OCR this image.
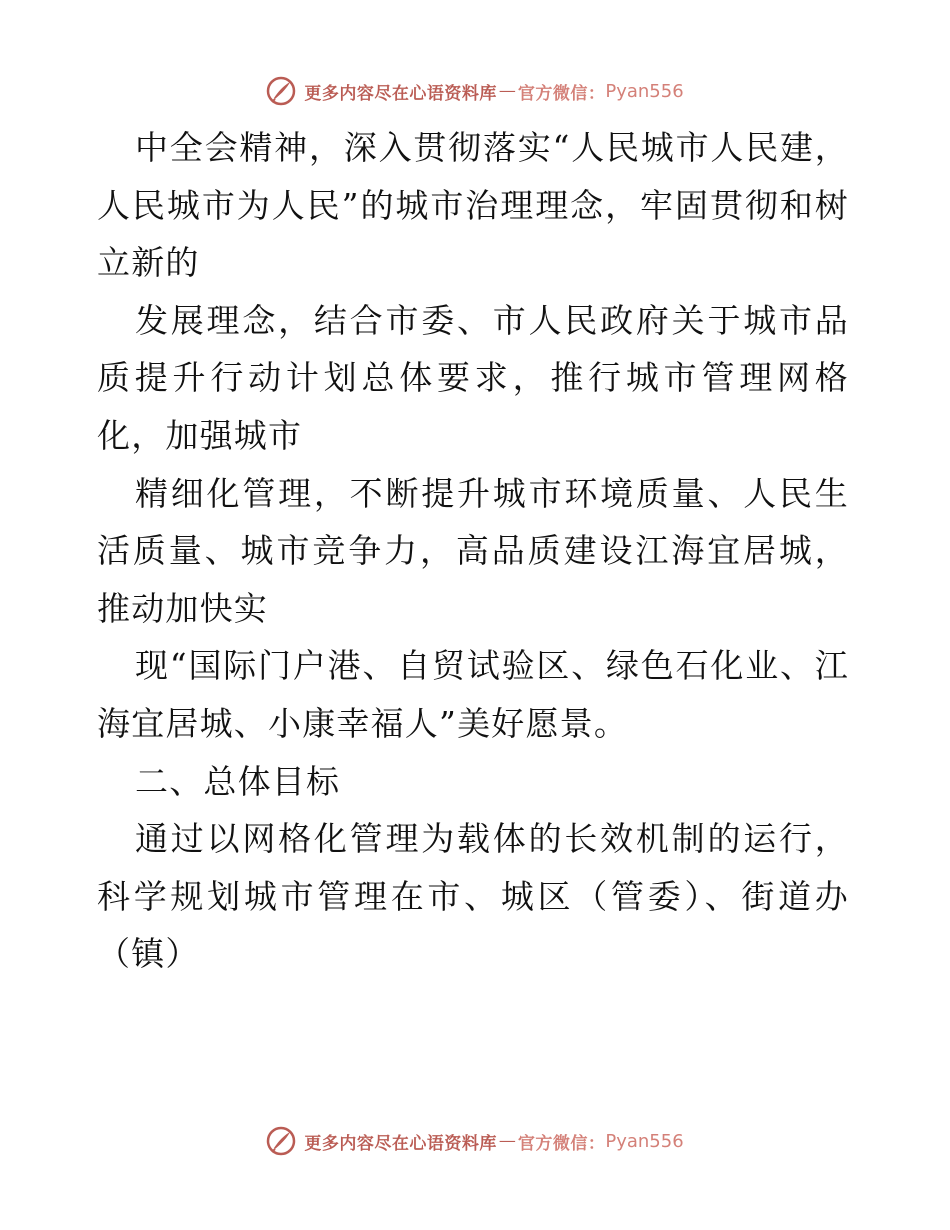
更多内容尽在心语资料库 — 官方微信： Pyan556

中全会精神，深入贯彻落实“人民城市人民建，人民城市为人民”的城市治理理念，牢固贯彻和树立新的

发展理念，结合市委、市人民政府关于城市品质提升行动计划总体要求，推行城市管理网格化，加强城市

精细化管理，不断提升城市环境质量、人民生活质量、城市竞争力，高品质建设江海宜居城，推动加快实

现“国际门户港、自贸试验区、绿色石化业、江海宜居城、小康幸福人”美好愿景。

二、总体目标

通过以网格化管理为载体的长效机制的运行，科学规划城市管理在市、城区（管委）、街道办（镇）

更多内容尽在心语资料库 — 官方微信： Pyan556
